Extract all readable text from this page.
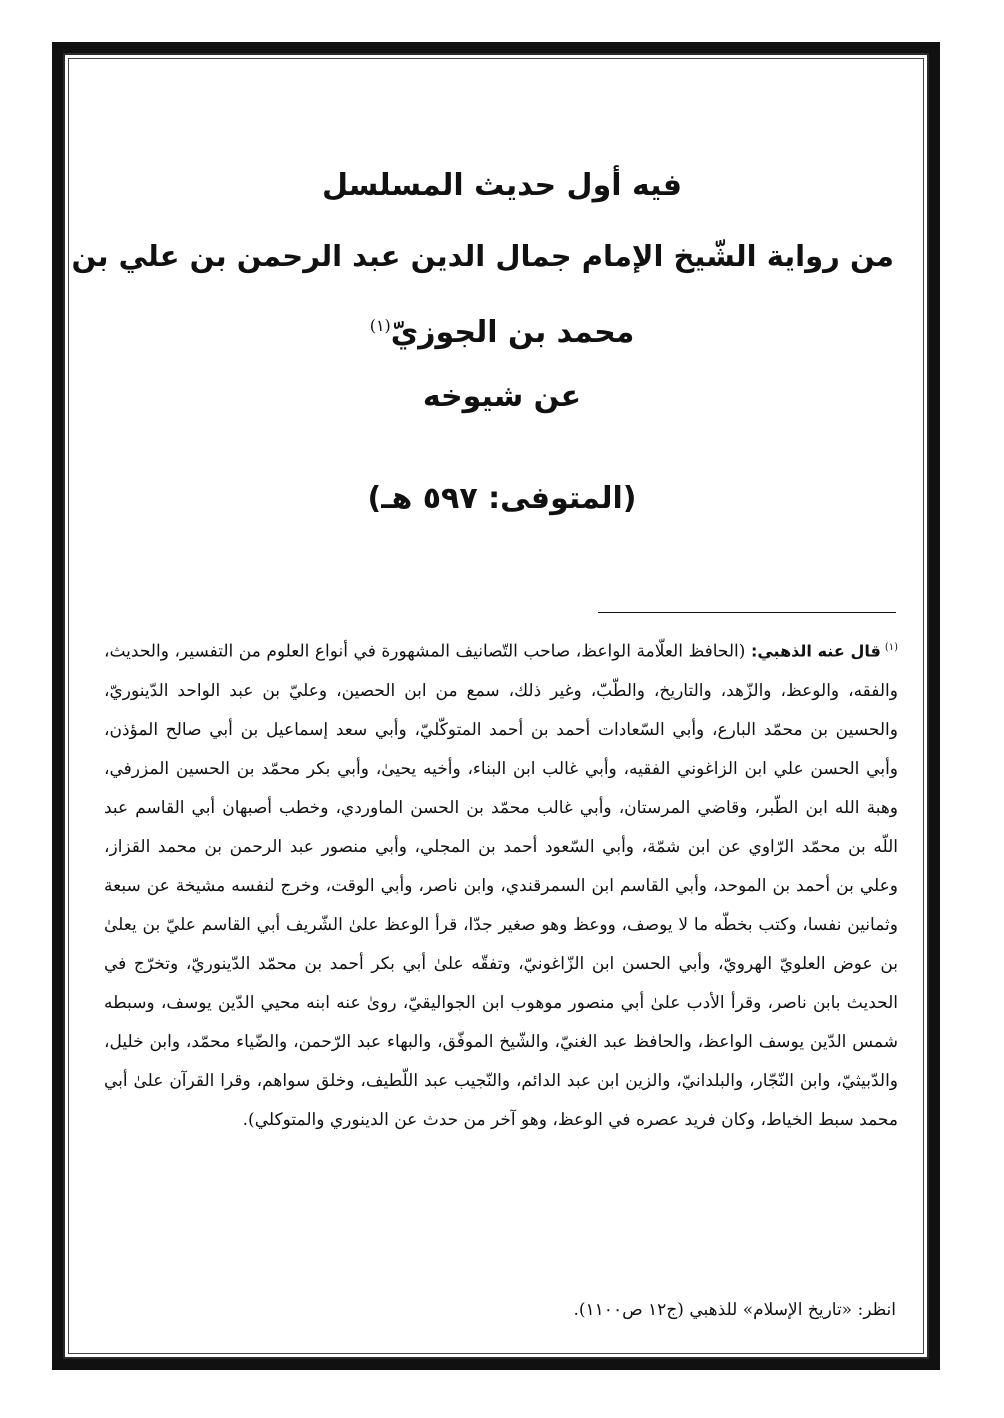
فيه أول حديث المسلسل
من رواية الشّيخ الإمام جمال الدين عبد الرحمن بن علي بن
محمد بن الجوزيّ$^{(١)}$
عن شيوخه
(المتوفى: ٥٩٧ هـ)
$^{(١)}$قال عنه الذهبي: (الحافظ العلّامة الواعظ، صاحب التّصانيف المشهورة في أنواع العلوم من التفسير، والحديث، والفقه، والوعظ، والزّهد، والتاريخ، والطّبّ، وغير ذلك، سمع من ابن الحصين، وعليّ بن عبد الواحد الدّينوريّ، والحسين بن محمّد البارع، وأبي السّعادات أحمد بن أحمد المتوكّليّ، وأبي سعد إسماعيل بن أبي صالح المؤذن، وأبي الحسن علي ابن الزاغوني الفقيه، وأبي غالب ابن البناء، وأخيه يحيىٰ، وأبي بكر محمّد بن الحسين المزرفي، وهبة الله ابن الطّبر، وقاضي المرستان، وأبي غالب محمّد بن الحسن الماوردي، وخطب أصبهان أبي القاسم عبد اللّه بن محمّد الرّاوي عن ابن شمّة، وأبي السّعود أحمد بن المجلي، وأبي منصور عبد الرحمن بن محمد القزاز، وعلي بن أحمد بن الموحد، وأبي القاسم ابن السمرقندي، وابن ناصر، وأبي الوقت، وخرج لنفسه مشيخة عن سبعة وثمانين نفسا، وكتب بخطّه ما لا يوصف، ووعظ وهو صغير جدّا، قرأ الوعظ علىٰ الشّريف أبي القاسم عليّ بن يعلىٰ بن عوض العلويّ الهرويّ، وأبي الحسن ابن الزّاغونيّ، وتفقّه علىٰ أبي بكر أحمد بن محمّد الدّينوريّ، وتخرّج في الحديث بابن ناصر، وقرأ الأدب علىٰ أبي منصور موهوب ابن الجواليقيّ، روىٰ عنه ابنه محيي الدّين يوسف، وسبطه شمس الدّين يوسف الواعظ، والحافظ عبد الغنيّ، والشّيخ الموفّق، والبهاء عبد الرّحمن، والضّياء محمّد، وابن خليل، والدّبيثيّ، وابن النّجّار، والبلدانيّ، والزين ابن عبد الدائم، والنّجيب عبد اللّطيف، وخلق سواهم، وقرا القرآن علىٰ أبي محمد سبط الخياط، وكان فريد عصره في الوعظ، وهو آخر من حدث عن الدينوري والمتوكلي).
انظر: «تاريخ الإسلام» للذهبي (ج١٢ ص١١٠٠).
